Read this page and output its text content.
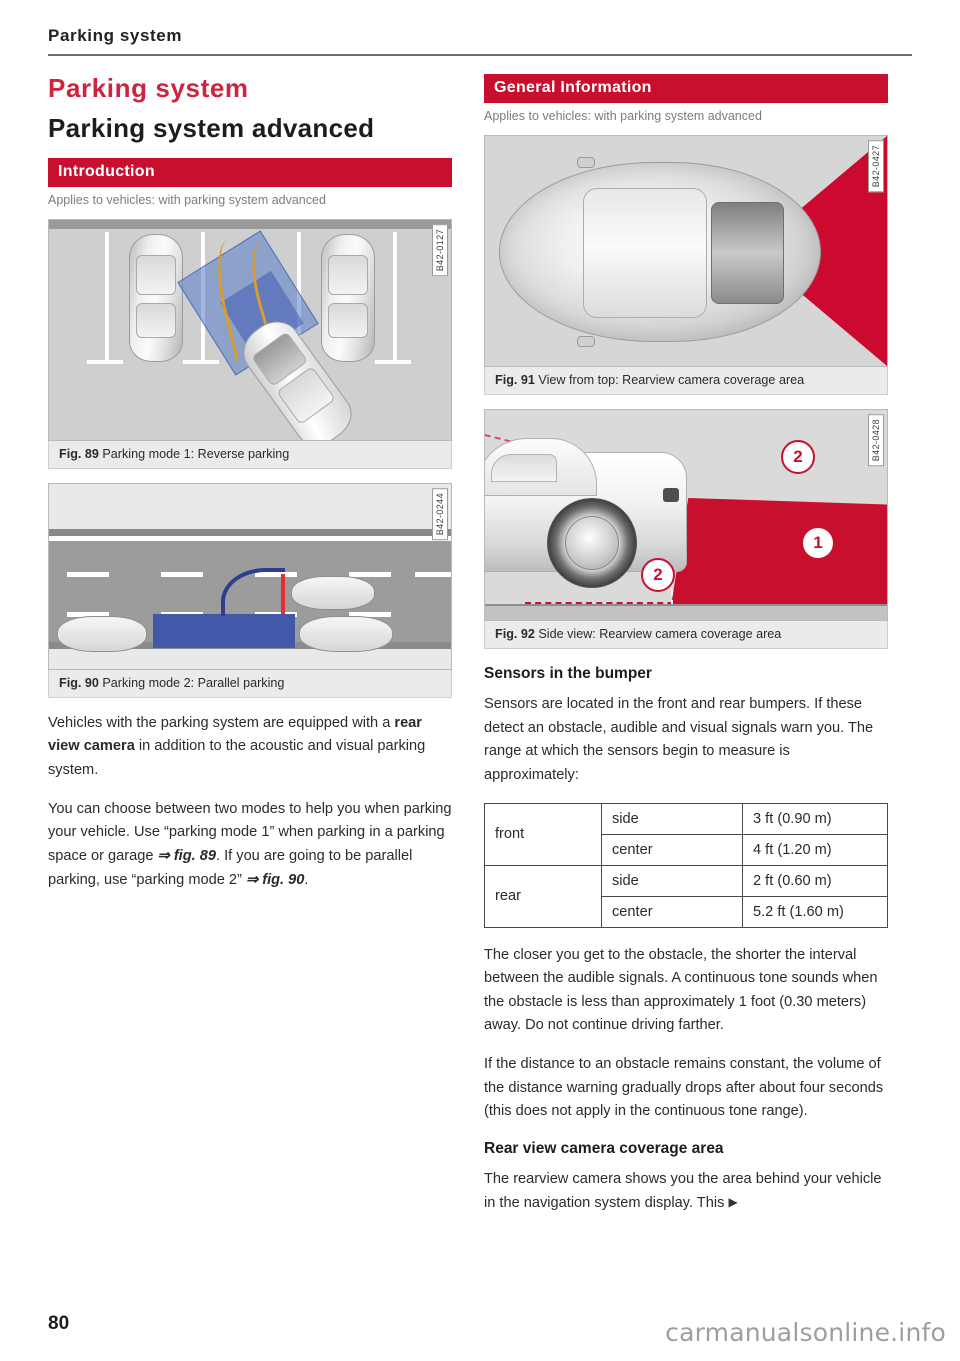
Parking system
Parking system
Parking system advanced
Introduction
Applies to vehicles: with parking system advanced
B42-0127
Fig. 89 Parking mode 1: Reverse parking
B42-0244
Fig. 90 Parking mode 2: Parallel parking

Vehicles with the parking system are equipped with a rear view camera in addition to the acoustic and visual parking system.

You can choose between two modes to help you when parking your vehicle. Use “parking mode 1” when parking in a parking space or garage ⇒ fig. 89. If you are going to be parallel parking, use “parking mode 2” ⇒ fig. 90.

General Information
Applies to vehicles: with parking system advanced
B42-0427
Fig. 91 View from top: Rearview camera coverage area
2
1
2
B42-0428
Fig. 92 Side view: Rearview camera coverage area
Sensors in the bumper

Sensors are located in the front and rear bumpers. If these detect an obstacle, audible and visual signals warn you. The range at which the sensors begin to measure is approximately:

front	side	3 ft (0.90 m)
	center	4 ft (1.20 m)
rear	side	2 ft (0.60 m)
	center	5.2 ft (1.60 m)

The closer you get to the obstacle, the shorter the interval between the audible signals. A continuous tone sounds when the obstacle is less than approximately 1 foot (0.30 meters) away. Do not continue driving farther.

If the distance to an obstacle remains constant, the volume of the distance warning gradually drops after about four seconds (this does not apply in the continuous tone range).

Rear view camera coverage area

The rearview camera shows you the area behind your vehicle in the navigation system display. This ▶

80	carmanualsonline.info
